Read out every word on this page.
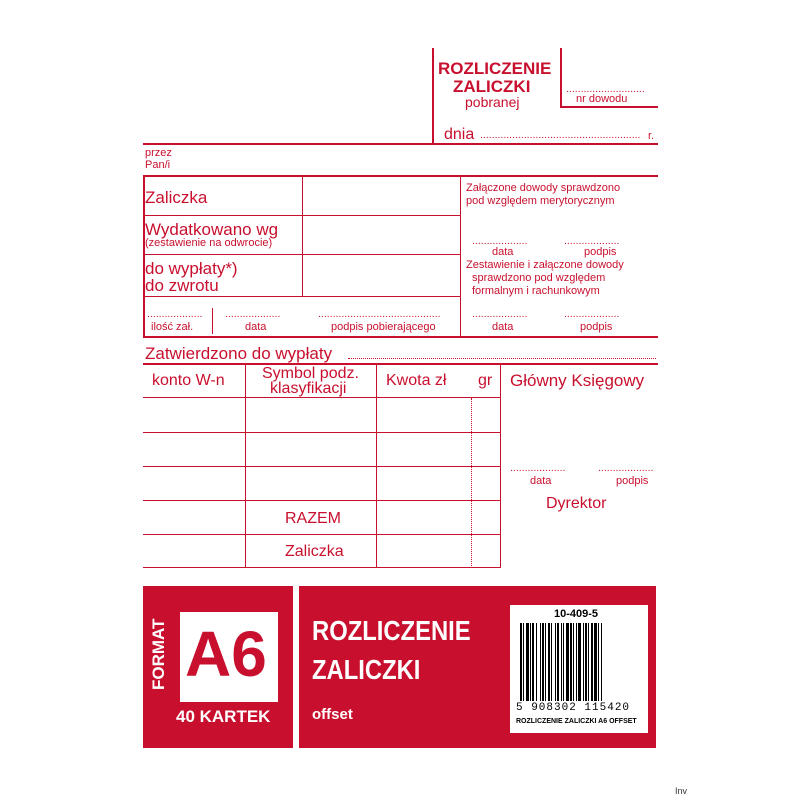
ROZLICZENIE
ZALICZKI
pobranej
...........................
nr dowodu
dnia ....................................................... r.
przez
Pan/i
Zaliczka
Wydatkowano wg
(zestawienie na odwrocie)
do wypłaty*)
do zwrotu
...................
ilość zał.
...................
data
..........................................
podpis pobierającego
Załączone dowody sprawdzono
pod względem merytorycznym
...................
data
...................
podpis
Zestawienie i załączone dowody
sprawdzono pod względem
formalnym i rachunkowym
...................
data
...................
podpis
Zatwierdzono do wypłaty
konto W-n Symbol podz.
klasyfikacji Kwota zł gr
RAZEM
Zaliczka
Główny Księgowy
...................
data
...................
podpis
Dyrektor
FORMAT A6
40 KARTEK
ROZLICZENIE
ZALICZKI
offset
10-409-5
5 908302 115420
ROZLICZENIE ZALICZKI A6 OFFSET
Inv
